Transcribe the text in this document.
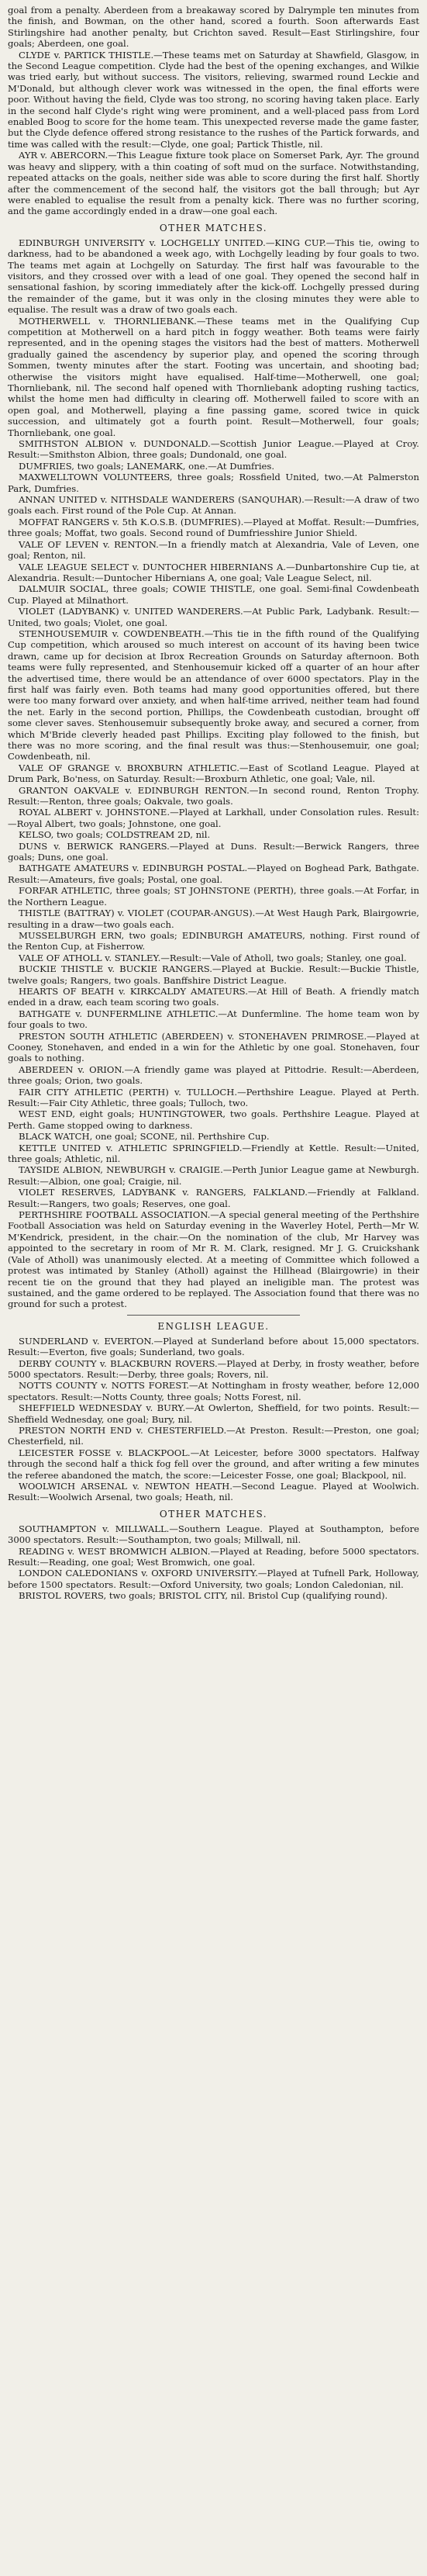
goal from a penalty. Aberdeen from a breakaway scored by Dalrymple ten minutes from the finish, and Bowman, on the other hand, scored a fourth. Soon afterwards East Stirlingshire had another penalty, but Crichton saved. Result—East Stirlingshire, four goals; Aberdeen, one goal.

CLYDE v. PARTICK THISTLE.—These teams met on Saturday at Shawfield, Glasgow, in the Second League competition. Clyde had the best of the opening exchanges, and Wilkie was tried early, but without success. The visitors, relieving, swarmed round Leckie and M'Donald, but although clever work was witnessed in the open, the final efforts were poor. Without having the field, Clyde was too strong, no scoring having taken place. Early in the second half Clyde's right wing were prominent, and a well-placed pass from Lord enabled Boog to score for the home team. This unexpected reverse made the game faster, but the Clyde defence offered strong resistance to the rushes of the Partick forwards, and time was called with the result:—Clyde, one goal; Partick Thistle, nil.

AYR v. ABERCORN.—This League fixture took place on Somerset Park, Ayr. The ground was heavy and slippery, with a thin coating of soft mud on the surface. Notwithstanding, repeated attacks on the goals, neither side was able to score during the first half. Shortly after the commencement of the second half, the visitors got the ball through; but Ayr were enabled to equalise the result from a penalty kick. There was no further scoring, and the game accordingly ended in a draw—one goal each.

OTHER MATCHES.

EDINBURGH UNIVERSITY v. LOCHGELLY UNITED.—KING CUP.—This tie, owing to darkness, had to be abandoned a week ago, with Lochgelly leading by four goals to two. The teams met again at Lochgelly on Saturday. The first half was favourable to the visitors, and they crossed over with a lead of one goal. They opened the second half in sensational fashion, by scoring immediately after the kick-off. Lochgelly pressed during the remainder of the game, but it was only in the closing minutes they were able to equalise. The result was a draw of two goals each.

MOTHERWELL v. THORNLIEBANK.—These teams met in the Qualifying Cup competition at Motherwell on a hard pitch in foggy weather. Both teams were fairly represented, and in the opening stages the visitors had the best of matters. Motherwell gradually gained the ascendency by superior play, and opened the scoring through Sommen, twenty minutes after the start. Footing was uncertain, and shooting bad; otherwise the visitors might have equalised. Half-time—Motherwell, one goal; Thornliebank, nil. The second half opened with Thornliebank adopting rushing tactics, whilst the home men had difficulty in clearing off. Motherwell failed to score with an open goal, and Motherwell, playing a fine passing game, scored twice in quick succession, and ultimately got a fourth point. Result—Motherwell, four goals; Thornliebank, one goal.

SMITHSTON ALBION v. DUNDONALD.—Scottish Junior League.—Played at Croy. Result:—Smithston Albion, three goals; Dundonald, one goal.

DUMFRIES, two goals; LANEMARK, one.—At Dumfries.

MAXWELLTOWN VOLUNTEERS, three goals; Rossfield United, two.—At Palmerston Park, Dumfries.

ANNAN UNITED v. NITHSDALE WANDERERS (SANQUHAR).—Result:—A draw of two goals each. First round of the Pole Cup. At Annan.

MOFFAT RANGERS v. 5th K.O.S.B. (DUMFRIES).—Played at Moffat. Result:—Dumfries, three goals; Moffat, two goals. Second round of Dumfriesshire Junior Shield.

VALE OF LEVEN v. RENTON.—In a friendly match at Alexandria, Vale of Leven, one goal; Renton, nil.

VALE LEAGUE SELECT v. DUNTOCHER HIBERNIANS A.—Dunbartonshire Cup tie, at Alexandria. Result:—Duntocher Hibernians A, one goal; Vale League Select, nil.

DALMUIR SOCIAL, three goals; COWIE THISTLE, one goal. Semi-final Cowdenbeath Cup. Played at Milnathort.

VIOLET (LADYBANK) v. UNITED WANDERERS.—At Public Park, Ladybank. Result:—United, two goals; Violet, one goal.

STENHOUSEMUIR v. COWDENBEATH.—This tie in the fifth round of the Qualifying Cup competition, which aroused so much interest on account of its having been twice drawn, came up for decision at Ibrox Recreation Grounds on Saturday afternoon. Both teams were fully represented, and Stenhousemuir kicked off a quarter of an hour after the advertised time, there would be an attendance of over 6000 spectators. Play in the first half was fairly even. Both teams had many good opportunities offered, but there were too many forward over anxiety, and when half-time arrived, neither team had found the net. Early in the second portion, Phillips, the Cowdenbeath custodian, brought off some clever saves. Stenhousemuir subsequently broke away, and secured a corner, from which M'Bride cleverly headed past Phillips. Exciting play followed to the finish, but there was no more scoring, and the final result was thus:—Stenhousemuir, one goal; Cowdenbeath, nil.

VALE OF GRANGE v. BROXBURN ATHLETIC.—East of Scotland League. Played at Drum Park, Bo'ness, on Saturday. Result:—Broxburn Athletic, one goal; Vale, nil.

GRANTON OAKVALE v. EDINBURGH RENTON.—In second round, Renton Trophy. Result:—Renton, three goals; Oakvale, two goals.

ROYAL ALBERT v. JOHNSTONE.—Played at Larkhall, under Consolation rules. Result:—Royal Albert, two goals; Johnstone, one goal.

KELSO, two goals; COLDSTREAM 2D, nil.

DUNS v. BERWICK RANGERS.—Played at Duns. Result:—Berwick Rangers, three goals; Duns, one goal.

BATHGATE AMATEURS v. EDINBURGH POSTAL.—Played on Boghead Park, Bathgate. Result:—Amateurs, five goals; Postal, one goal.

FORFAR ATHLETIC, three goals; ST JOHNSTONE (PERTH), three goals.—At Forfar, in the Northern League.

THISTLE (BATTRAY) v. VIOLET (COUPAR-ANGUS).—At West Haugh Park, Blairgowrie, resulting in a draw—two goals each.

MUSSELBURGH ERN, two goals; EDINBURGH AMATEURS, nothing. First round of the Renton Cup, at Fisherrow.

VALE OF ATHOLL v. STANLEY.—Result:—Vale of Atholl, two goals; Stanley, one goal.

BUCKIE THISTLE v. BUCKIE RANGERS.—Played at Buckie. Result:—Buckie Thistle, twelve goals; Rangers, two goals. Banffshire District League.

HEARTS OF BEATH v. KIRKCALDY AMATEURS.—At Hill of Beath. A friendly match ended in a draw, each team scoring two goals.

BATHGATE v. DUNFERMLINE ATHLETIC.—At Dunfermline. The home team won by four goals to two.

PRESTON SOUTH ATHLETIC (ABERDEEN) v. STONEHAVEN PRIMROSE.—Played at Cooney, Stonehaven, and ended in a win for the Athletic by one goal. Stonehaven, four goals to nothing.

ABERDEEN v. ORION.—A friendly game was played at Pittodrie. Result:—Aberdeen, three goals; Orion, two goals.

FAIR CITY ATHLETIC (PERTH) v. TULLOCH.—Perthshire League. Played at Perth. Result:—Fair City Athletic, three goals; Tulloch, two.

WEST END, eight goals; HUNTINGTOWER, two goals. Perthshire League. Played at Perth. Game stopped owing to darkness.

BLACK WATCH, one goal; SCONE, nil. Perthshire Cup.

KETTLE UNITED v. ATHLETIC SPRINGFIELD.—Friendly at Kettle. Result:—United, three goals; Athletic, nil.

TAYSIDE ALBION, NEWBURGH v. CRAIGIE.—Perth Junior League game at Newburgh. Result:—Albion, one goal; Craigie, nil.

VIOLET RESERVES, LADYBANK v. RANGERS, FALKLAND.—Friendly at Falkland. Result:—Rangers, two goals; Reserves, one goal.

PERTHSHIRE FOOTBALL ASSOCIATION.—A special general meeting of the Perthshire Football Association was held on Saturday evening in the Waverley Hotel, Perth—Mr W. M'Kendrick, president, in the chair.—On the nomination of the club, Mr Harvey was appointed to the secretary in room of Mr R. M. Clark, resigned. Mr J. G. Cruickshank (Vale of Atholl) was unanimously elected. At a meeting of Committee which followed a protest was intimated by Stanley (Atholl) against the Hillhead (Blairgowrie) in their recent tie on the ground that they had played an ineligible man. The protest was sustained, and the game ordered to be replayed. The Association found that there was no ground for such a protest.

ENGLISH LEAGUE.

SUNDERLAND v. EVERTON.—Played at Sunderland before about 15,000 spectators. Result:—Everton, five goals; Sunderland, two goals.

DERBY COUNTY v. BLACKBURN ROVERS.—Played at Derby, in frosty weather, before 5000 spectators. Result:—Derby, three goals; Rovers, nil.

NOTTS COUNTY v. NOTTS FOREST.—At Nottingham in frosty weather, before 12,000 spectators. Result:—Notts County, three goals; Notts Forest, nil.

SHEFFIELD WEDNESDAY v. BURY.—At Owlerton, Sheffield, for two points. Result:—Sheffield Wednesday, one goal; Bury, nil.

PRESTON NORTH END v. CHESTERFIELD.—At Preston. Result:—Preston, one goal; Chesterfield, nil.

LEICESTER FOSSE v. BLACKPOOL.—At Leicester, before 3000 spectators. Halfway through the second half a thick fog fell over the ground, and after writing a few minutes the referee abandoned the match, the score:—Leicester Fosse, one goal; Blackpool, nil.

WOOLWICH ARSENAL v. NEWTON HEATH.—Second League. Played at Woolwich. Result:—Woolwich Arsenal, two goals; Heath, nil.

OTHER MATCHES.

SOUTHAMPTON v. MILLWALL.—Southern League. Played at Southampton, before 3000 spectators. Result:—Southampton, two goals; Millwall, nil.

READING v. WEST BROMWICH ALBION.—Played at Reading, before 5000 spectators. Result:—Reading, one goal; West Bromwich, one goal.

LONDON CALEDONIANS v. OXFORD UNIVERSITY.—Played at Tufnell Park, Holloway, before 1500 spectators. Result:—Oxford University, two goals; London Caledonian, nil.

BRISTOL ROVERS, two goals; BRISTOL CITY, nil. Bristol Cup (qualifying round).
